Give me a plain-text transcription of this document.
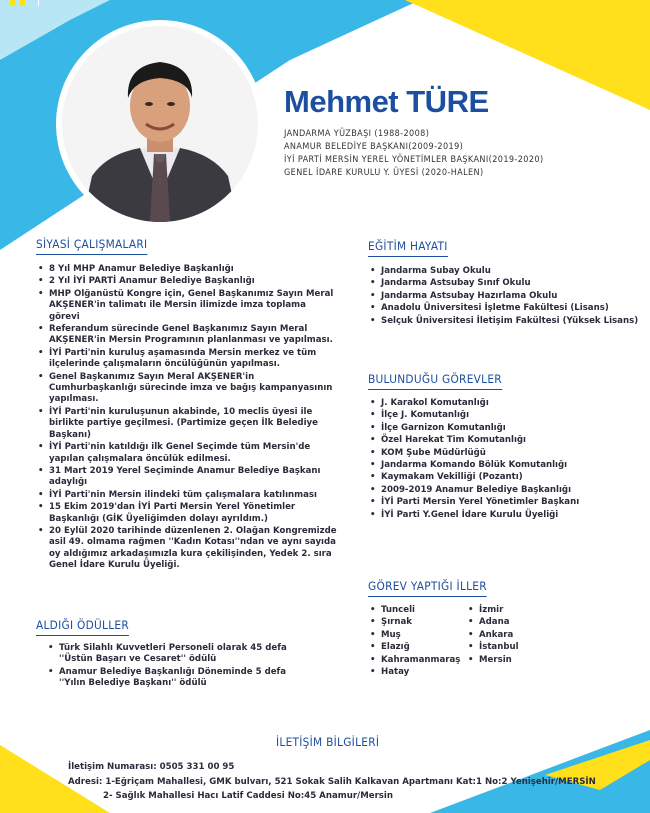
Mehmet TÜRE
JANDARMA YÜZBAŞI (1988-2008)
ANAMUR BELEDİYE BAŞKANI(2009-2019)
İYİ PARTİ MERSİN YEREL YÖNETİMLER BAŞKANI(2019-2020)
GENEL İDARE KURULU Y. ÜYESİ (2020-HALEN)
SİYASİ ÇALIŞMALARI
• 8 Yıl MHP Anamur Belediye Başkanlığı
• 2 Yıl İYİ PARTİ Anamur Belediye Başkanlığı
• MHP Olğanüstü Kongre için, Genel Başkanımız Sayın Meral AKŞENER'in talimatı ile Mersin ilimizde imza toplama görevi
• Referandum sürecinde Genel Başkanımız Sayın Meral AKŞENER'in Mersin Programının planlanması ve yapılması.
• İYİ Parti'nin kuruluş aşamasında Mersin merkez ve tüm ilçelerinde çalışmaların öncülüğünün yapılması.
• Genel Başkanımız Sayın Meral AKŞENER'in Cumhurbaşkanlığı sürecinde imza ve bağış kampanyasının yapılması.
• İYİ Parti'nin kuruluşunun akabinde, 10 meclis üyesi ile birlikte partiye geçilmesi. (Partimize geçen İlk Belediye Başkanı)
• İYİ Parti'nin katıldığı ilk Genel Seçimde tüm Mersin'de yapılan çalışmalara öncülük edilmesi.
• 31 Mart 2019 Yerel Seçiminde Anamur Belediye Başkanı adaylığı
• İYİ Parti'nin Mersin ilindeki tüm çalışmalara katılınması
• 15 Ekim 2019'dan İYİ Parti Mersin Yerel Yönetimler Başkanlığı (GİK Üyeliğimden dolayı ayrıldım.)
• 20 Eylül 2020 tarihinde düzenlenen 2. Olağan Kongremizde asil 49. olmama rağmen ''Kadın Kotası''ndan ve aynı sayıda oy aldığımız arkadaşımızla kura çekilişinden, Yedek 2. sıra Genel İdare Kurulu Üyeliği.
ALDIĞI ÖDÜLLER
• Türk Silahlı Kuvvetleri Personeli olarak 45 defa ''Üstün Başarı ve Cesaret'' ödülü
• Anamur Belediye Başkanlığı Döneminde 5 defa ''Yılın Belediye Başkanı'' ödülü
EĞİTİM HAYATI
• Jandarma Subay Okulu
• Jandarma Astsubay Sınıf Okulu
• Jandarma Astsubay Hazırlama Okulu
• Anadolu Üniversitesi İşletme Fakültesi (Lisans)
• Selçuk Üniversitesi İletişim Fakültesi (Yüksek Lisans)
BULUNDUĞU GÖREVLER
• J. Karakol Komutanlığı
• İlçe J. Komutanlığı
• İlçe Garnizon Komutanlığı
• Özel Harekat Tim Komutanlığı
• KOM Şube Müdürlüğü
• Jandarma Komando Bölük Komutanlığı
• Kaymakam Vekilliği (Pozantı)
• 2009-2019 Anamur Belediye Başkanlığı
• İYİ Parti Mersin Yerel Yönetimler Başkanı
• İYİ Parti Y.Genel İdare Kurulu Üyeliği
GÖREV YAPTIĞI İLLER
• Tunceli
• Şırnak
• Muş
• Elazığ
• Kahramanmaraş
• Hatay
• İzmir
• Adana
• Ankara
• İstanbul
• Mersin
İLETİŞİM BİLGİLERİ
İletişim Numarası: 0505 331 00 95
Adresi: 1-Eğriçam Mahallesi, GMK bulvarı, 521 Sokak Salih Kalkavan Apartmanı Kat:1 No:2 Yenişehir/MERSİN
2- Sağlık Mahallesi Hacı Latif Caddesi No:45 Anamur/Mersin
